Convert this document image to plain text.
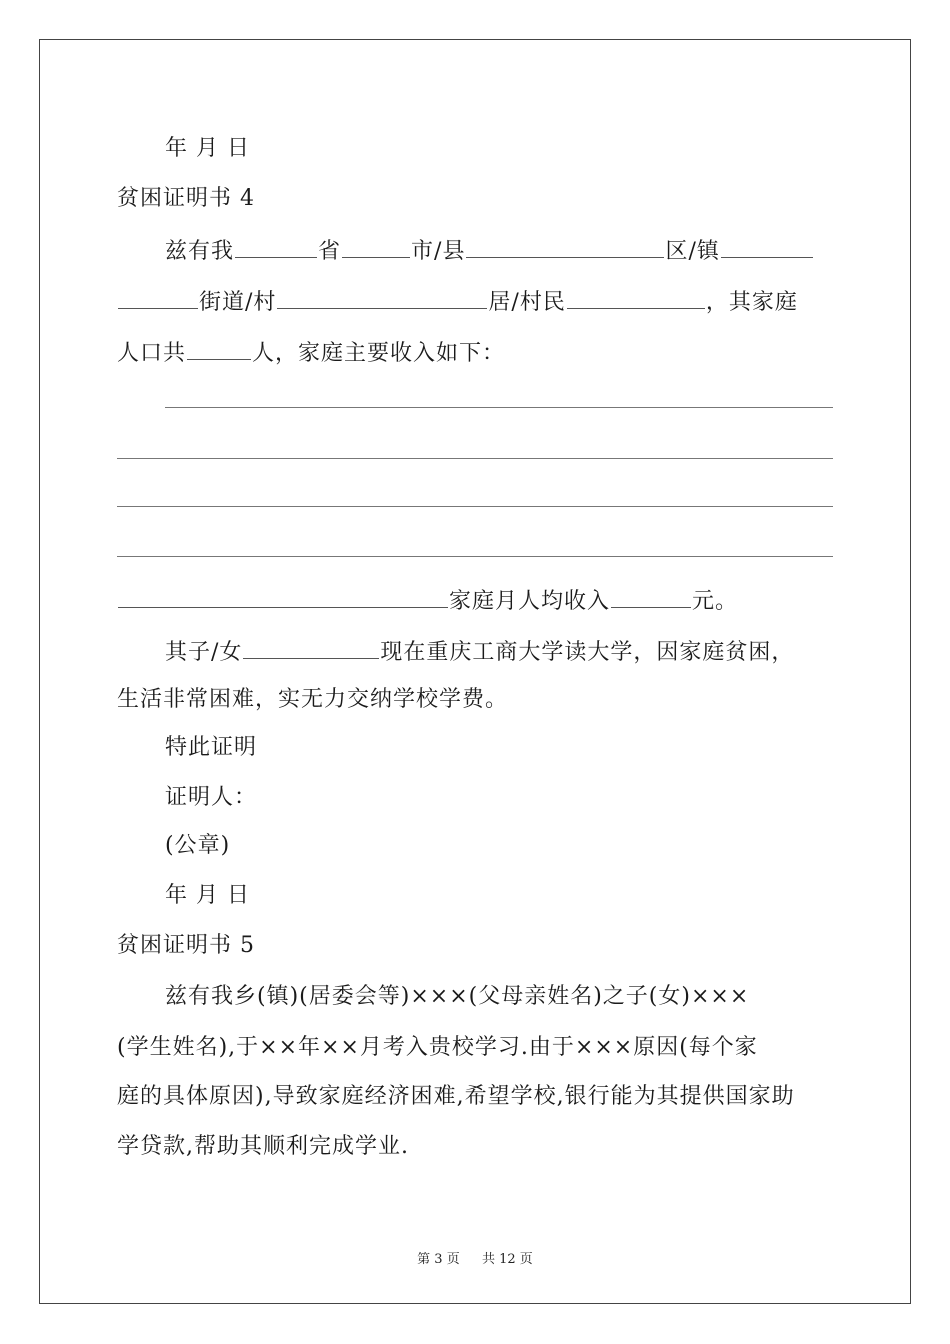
年 月 日
贫困证明书 4
兹有我	省	市/县	区/镇
街道/村	居/村民	，其家庭
人口共	人，家庭主要收入如下：
家庭月人均收入	元。
其子/女	现在重庆工商大学读大学，因家庭贫困，
生活非常困难，实无力交纳学校学费。
特此证明
证明人：
(公章)
年 月 日
贫困证明书 5
兹有我乡(镇)(居委会等)×××(父母亲姓名)之子(女)×××
(学生姓名),于××年××月考入贵校学习.由于×××原因(每个家
庭的具体原因),导致家庭经济困难,希望学校,银行能为其提供国家助
学贷款,帮助其顺利完成学业.
第 3 页 共 12 页
